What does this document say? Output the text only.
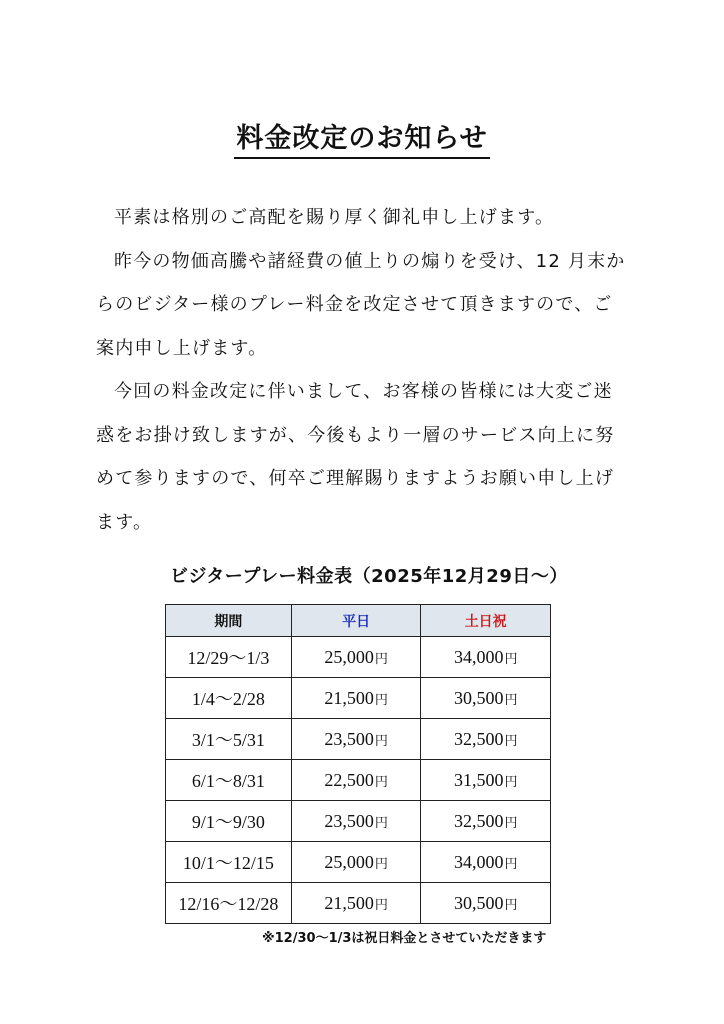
料金改定のお知らせ

平素は格別のご高配を賜り厚く御礼申し上げます。

昨今の物価高騰や諸経費の値上りの煽りを受け、12 月末からのビジター様のプレー料金を改定させて頂きますので、ご案内申し上げます。

今回の料金改定に伴いまして、お客様の皆様には大変ご迷惑をお掛け致しますが、今後もより一層のサービス向上に努めて参りますので、何卒ご理解賜りますようお願い申し上げます。

ビジタープレー料金表（2025年12月29日〜）
期間	平日	土日祝
12/29〜1/3	25,000円	34,000円
1/4〜2/28	21,500円	30,500円
3/1〜5/31	23,500円	32,500円
6/1〜8/31	22,500円	31,500円
9/1〜9/30	23,500円	32,500円
10/1〜12/15	25,000円	34,000円
12/16〜12/28	21,500円	30,500円
※12/30〜1/3は祝日料金とさせていただきます
